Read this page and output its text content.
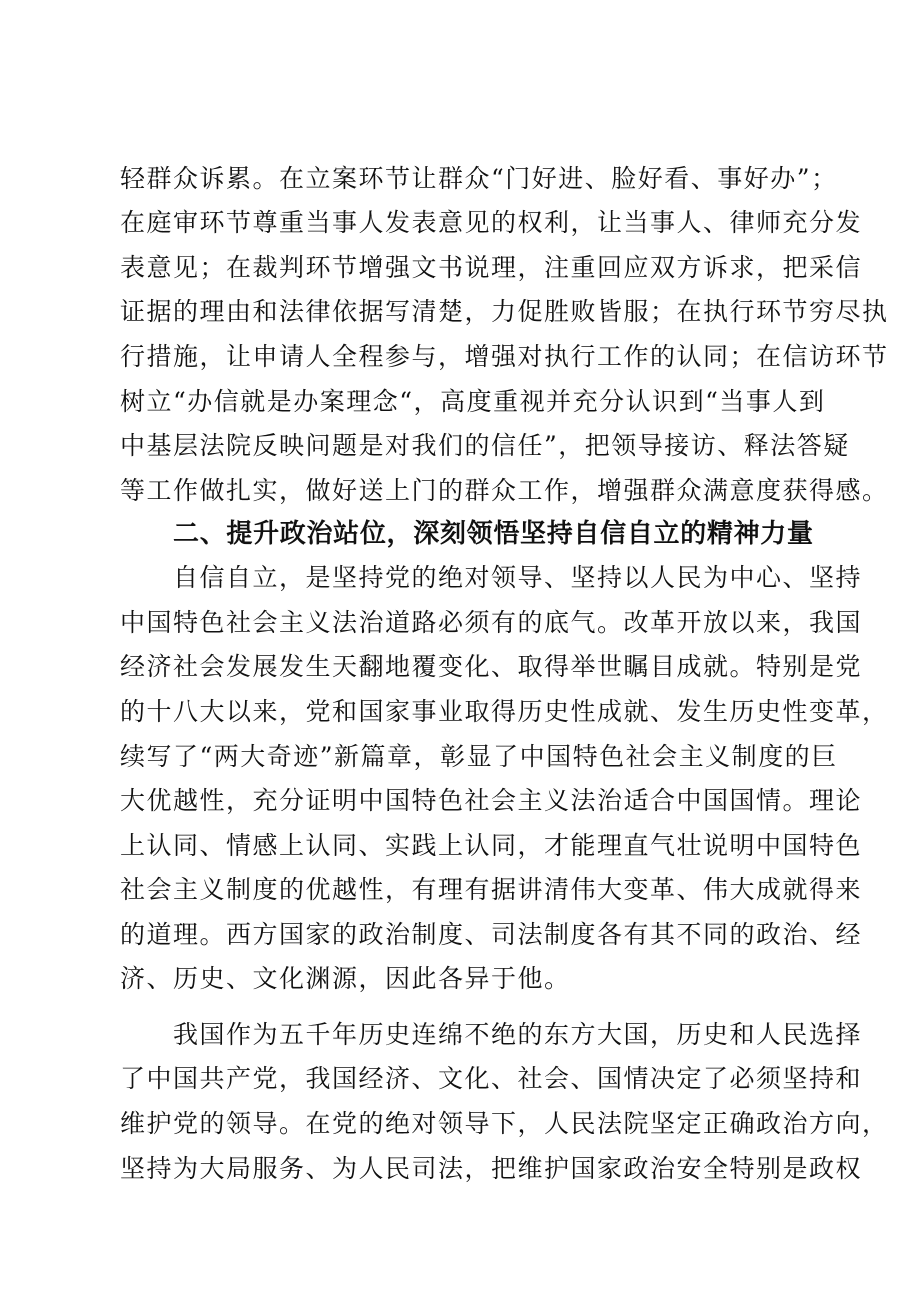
轻群众诉累。在立案环节让群众“门好进、脸好看、事好办”；
在庭审环节尊重当事人发表意见的权利，让当事人、律师充分发
表意见；在裁判环节增强文书说理，注重回应双方诉求，把采信
证据的理由和法律依据写清楚，力促胜败皆服；在执行环节穷尽执
行措施，让申请人全程参与，增强对执行工作的认同；在信访环节
树立“办信就是办案理念“，高度重视并充分认识到“当事人到
中基层法院反映问题是对我们的信任”，把领导接访、释法答疑
等工作做扎实，做好送上门的群众工作，增强群众满意度获得感。
二、提升政治站位，深刻领悟坚持自信自立的精神力量
自信自立，是坚持党的绝对领导、坚持以人民为中心、坚持
中国特色社会主义法治道路必须有的底气。改革开放以来，我国
经济社会发展发生天翻地覆变化、取得举世瞩目成就。特别是党
的十八大以来，党和国家事业取得历史性成就、发生历史性变革，
续写了“两大奇迹”新篇章，彰显了中国特色社会主义制度的巨
大优越性，充分证明中国特色社会主义法治适合中国国情。理论
上认同、情感上认同、实践上认同，才能理直气壮说明中国特色
社会主义制度的优越性，有理有据讲清伟大变革、伟大成就得来
的道理。西方国家的政治制度、司法制度各有其不同的政治、经
济、历史、文化渊源，因此各异于他。
我国作为五千年历史连绵不绝的东方大国，历史和人民选择
了中国共产党，我国经济、文化、社会、国情决定了必须坚持和
维护党的领导。在党的绝对领导下，人民法院坚定正确政治方向，
坚持为大局服务、为人民司法，把维护国家政治安全特别是政权
